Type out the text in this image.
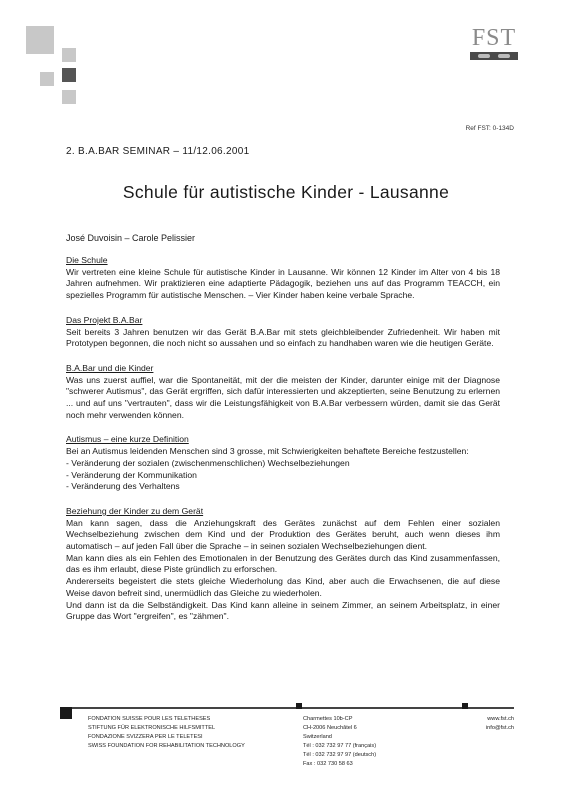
FST
Ref FST: 0-134D
2. B.A.BAR SEMINAR – 11/12.06.2001
Schule für autistische Kinder - Lausanne
José Duvoisin – Carole Pelissier
Die Schule
Wir vertreten eine kleine Schule für autistische Kinder in Lausanne. Wir können 12 Kinder im Alter von 4 bis 18 Jahren aufnehmen. Wir praktizieren eine adaptierte Pädagogik, beziehen uns auf das Programm TEACCH, ein spezielles Programm für autistische Menschen. – Vier Kinder haben keine verbale Sprache.
Das Projekt B.A.Bar
Seit bereits 3 Jahren benutzen wir das Gerät B.A.Bar mit stets gleichbleibender Zufriedenheit. Wir haben mit Prototypen begonnen, die noch nicht so aussahen und so einfach zu handhaben waren wie die heutigen Geräte.
B.A.Bar und die Kinder
Was uns zuerst auffiel, war die Spontaneität, mit der die meisten der Kinder, darunter einige mit der Diagnose "schwerer Autismus", das Gerät ergriffen, sich dafür interessierten und akzeptierten, seine Benutzung zu erlernen ... und auf uns "vertrauten", dass wir die Leistungsfähigkeit von B.A.Bar verbessern würden, damit sie das Gerät noch mehr verwenden können.
Autismus – eine kurze Definition
Bei an Autismus leidenden Menschen sind 3 grosse, mit Schwierigkeiten behaftete Bereiche festzustellen:
- Veränderung der sozialen (zwischenmenschlichen) Wechselbeziehungen
- Veränderung der Kommunikation
- Veränderung des Verhaltens
Beziehung der Kinder zu dem Gerät
Man kann sagen, dass die Anziehungskraft des Gerätes zunächst auf dem Fehlen einer sozialen Wechselbeziehung zwischen dem Kind und der Produktion des Gerätes beruht, auch wenn dieses ihm automatisch – auf jeden Fall über die Sprache – in seinen sozialen Wechselbeziehungen dient.
Man kann dies als ein Fehlen des Emotionalen in der Benutzung des Gerätes durch das Kind zusammenfassen, das es ihm erlaubt, diese Piste gründlich zu erforschen.
Andererseits begeistert die stets gleiche Wiederholung das Kind, aber auch die Erwachsenen, die auf diese Weise davon befreit sind, unermüdlich das Gleiche zu wiederholen.
Und dann ist da die Selbständigkeit. Das Kind kann alleine in seinem Zimmer, an seinem Arbeitsplatz, in einer Gruppe das Wort "ergreifen", es "zähmen".
FONDATION SUISSE POUR LES TELETHESES
STIFTUNG FÜR ELEKTRONISCHE HILFSMITTEL
FONDAZIONE SVIZZERA PER LE TELETESI
SWISS FOUNDATION FOR REHABILITATION TECHNOLOGY
Charmettes 10b-CP
CH-2006 Neuchâtel 6
Switzerland
Tél : 032 732 97 77 (français)
Tél : 032 732 97 97 (deutsch)
Fax : 032 730 58 63
www.fst.ch
info@fst.ch
